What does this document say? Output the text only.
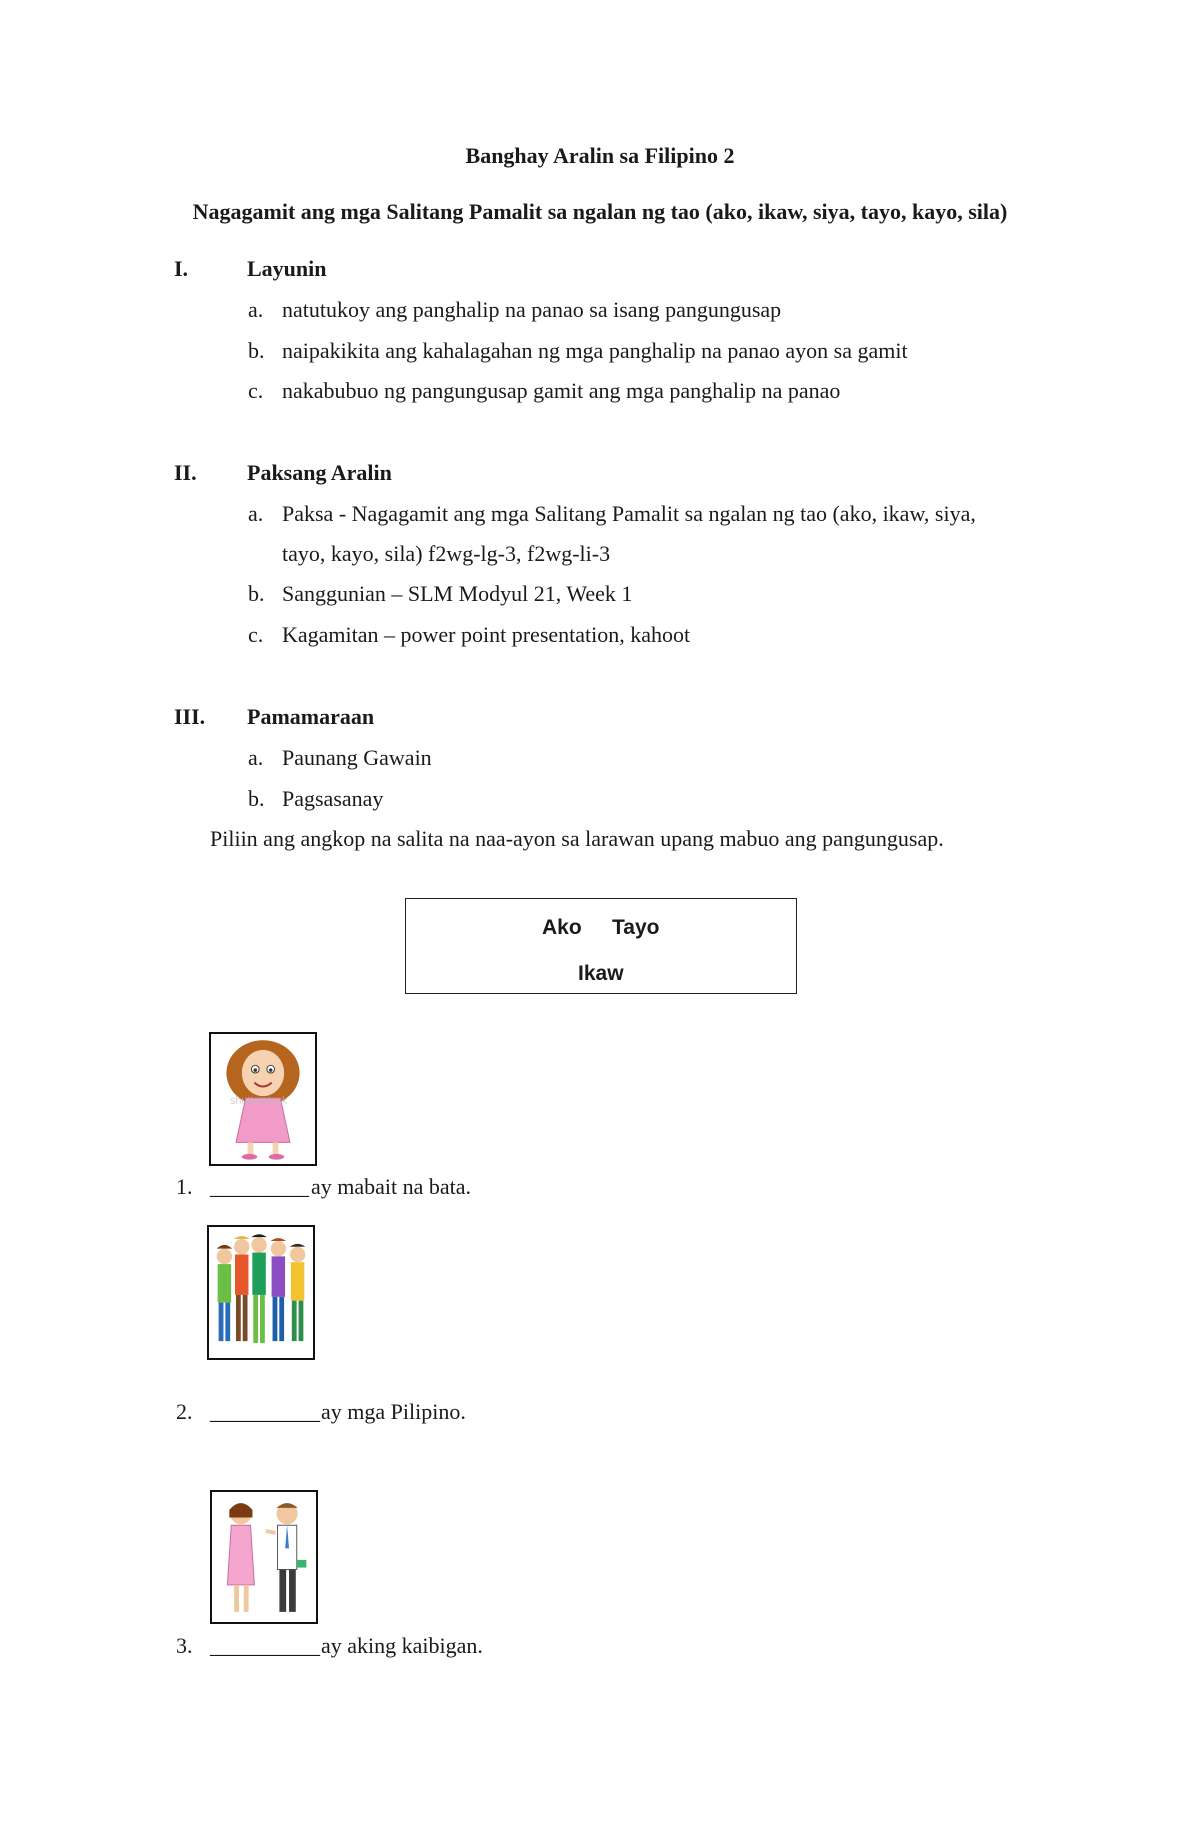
Banghay Aralin sa Filipino 2
Nagagamit ang mga Salitang Pamalit sa ngalan ng tao (ako, ikaw, siya, tayo, kayo, sila)
I.	Layunin
a. natutukoy ang panghalip na panao sa isang pangungusap
b. naipakikita ang kahalagahan ng mga panghalip na panao ayon sa gamit
c. nakabubuo ng pangungusap gamit ang mga panghalip na panao
II. Paksang Aralin
a. Paksa - Nagagamit ang mga Salitang Pamalit sa ngalan ng tao (ako, ikaw, siya,
tayo, kayo, sila) f2wg-lg-3, f2wg-li-3
b. Sanggunian – SLM Modyul 21, Week 1
c. Kagamitan – power point presentation, kahoot
III. Pamamaraan
a. Paunang Gawain
b. Pagsasanay
Piliin ang angkop na salita na naa-ayon sa larawan upang mabuo ang pangungusap.
Ako Tayo
Ikaw
shutterstock
1. _________ ay mabait na bata.
2. __________ ay mga Pilipino.
3. __________ ay aking kaibigan.
